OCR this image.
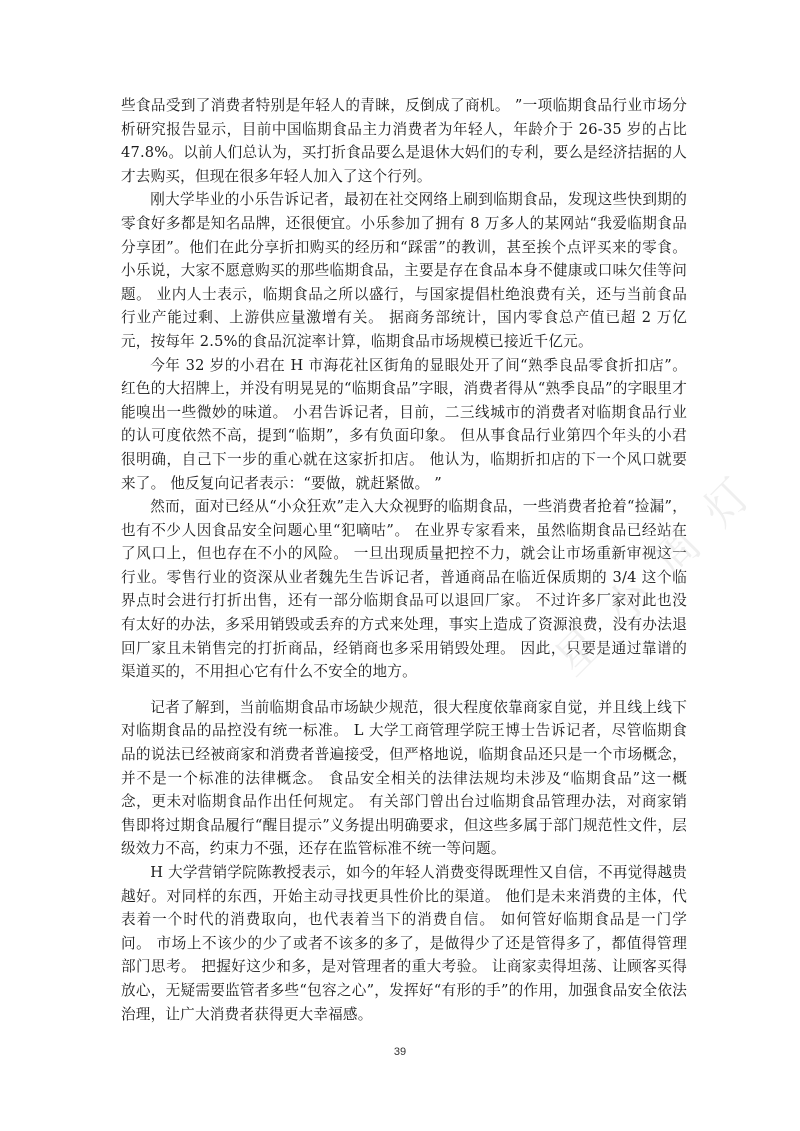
些食品受到了消费者特别是年轻人的青睐，反倒成了商机。 ”一项临期食品行业市场分析研究报告显示，目前中国临期食品主力消费者为年轻人，年龄介于 26-35 岁的占比 47.8%。以前人们总认为，买打折食品要么是退休大妈们的专利，要么是经济拮据的人才去购买，但现在很多年轻人加入了这个行列。

刚大学毕业的小乐告诉记者，最初在社交网络上刷到临期食品，发现这些快到期的零食好多都是知名品牌，还很便宜。小乐参加了拥有 8 万多人的某网站“我爱临期食品分享团”。他们在此分享折扣购买的经历和“踩雷”的教训，甚至挨个点评买来的零食。 小乐说，大家不愿意购买的那些临期食品，主要是存在食品本身不健康或口味欠佳等问题。 业内人士表示，临期食品之所以盛行，与国家提倡杜绝浪费有关，还与当前食品行业产能过剩、上游供应量激增有关。 据商务部统计，国内零食总产值已超 2 万亿元，按每年 2.5%的食品沉淀率计算，临期食品市场规模已接近千亿元。

今年 32 岁的小君在 H 市海花社区街角的显眼处开了间“熟季良品零食折扣店”。 红色的大招牌上，并没有明晃晃的“临期食品”字眼，消费者得从“熟季良品”的字眼里才能嗅出一些微妙的味道。 小君告诉记者，目前，二三线城市的消费者对临期食品行业的认可度依然不高，提到“临期”，多有负面印象。 但从事食品行业第四个年头的小君很明确，自己下一步的重心就在这家折扣店。 他认为，临期折扣店的下一个风口就要来了。 他反复向记者表示：“要做，就赶紧做。 ”

然而，面对已经从“小众狂欢”走入大众视野的临期食品，一些消费者抢着“捡漏”，也有不少人因食品安全问题心里“犯嘀咕”。 在业界专家看来，虽然临期食品已经站在了风口上，但也存在不小的风险。 一旦出现质量把控不力，就会让市场重新审视这一行业。零售行业的资深从业者魏先生告诉记者，普通商品在临近保质期的 3/4 这个临界点时会进行打折出售，还有一部分临期食品可以退回厂家。 不过许多厂家对此也没有太好的办法，多采用销毁或丢弃的方式来处理，事实上造成了资源浪费，没有办法退回厂家且未销售完的打折商品，经销商也多采用销毁处理。 因此，只要是通过靠谱的渠道买的，不用担心它有什么不安全的地方。

记者了解到，当前临期食品市场缺少规范，很大程度依靠商家自觉，并且线上线下对临期食品的品控没有统一标准。 L 大学工商管理学院王博士告诉记者，尽管临期食品的说法已经被商家和消费者普遍接受，但严格地说，临期食品还只是一个市场概念，并不是一个标准的法律概念。 食品安全相关的法律法规均未涉及“临期食品”这一概念，更未对临期食品作出任何规定。 有关部门曾出台过临期食品管理办法，对商家销售即将过期食品履行“醒目提示”义务提出明确要求，但这些多属于部门规范性文件，层级效力不高，约束力不强，还存在监管标准不统一等问题。

H 大学营销学院陈教授表示，如今的年轻人消费变得既理性又自信，不再觉得越贵越好。对同样的东西，开始主动寻找更具性价比的渠道。 他们是未来消费的主体，代表着一个时代的消费取向，也代表着当下的消费自信。 如何管好临期食品是一门学问。 市场上不该少的少了或者不该多的多了，是做得少了还是管得多了，都值得管理部门思考。 把握好这少和多，是对管理者的重大考验。 让商家卖得坦荡、让顾客买得放心，无疑需要监管者多些“包容之心”，发挥好“有形的手”的作用，加强食品安全依法治理，让广大消费者获得更大幸福感。

星 小 周 灯
39
